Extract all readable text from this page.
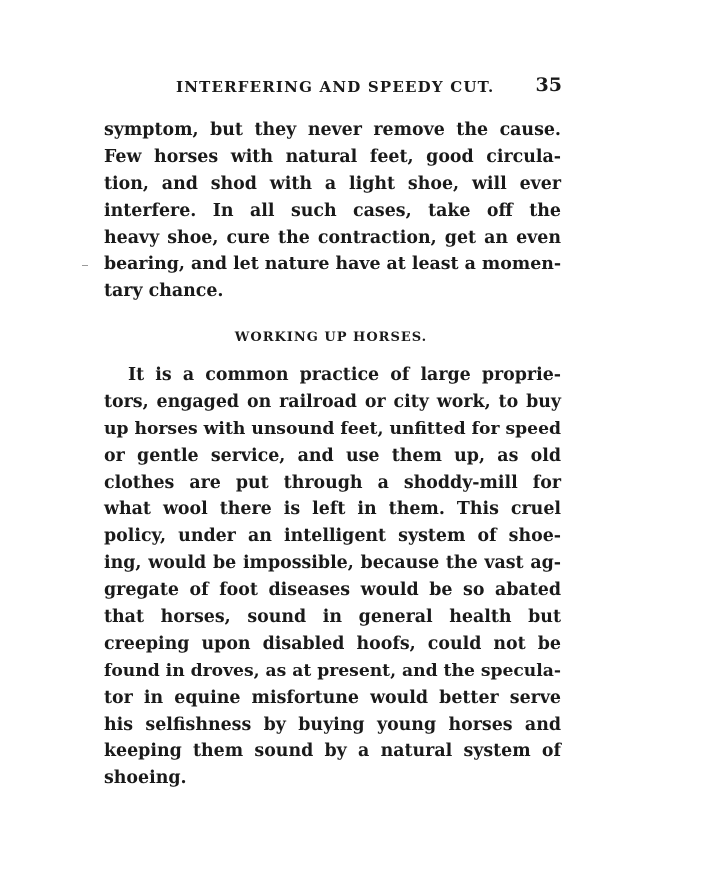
INTERFERING AND SPEEDY CUT. 35
symptom, but they never remove the cause.
Few horses with natural feet, good circula-
tion, and shod with a light shoe, will ever
interfere. In all such cases, take off the
heavy shoe, cure the contraction, get an even
bearing, and let nature have at least a momen-
tary chance.
WORKING UP HORSES.
It is a common practice of large proprie-
tors, engaged on railroad or city work, to buy
up horses with unsound feet, unfitted for speed
or gentle service, and use them up, as old
clothes are put through a shoddy-mill for
what wool there is left in them. This cruel
policy, under an intelligent system of shoe-
ing, would be impossible, because the vast ag-
gregate of foot diseases would be so abated
that horses, sound in general health but
creeping upon disabled hoofs, could not be
found in droves, as at present, and the specula-
tor in equine misfortune would better serve
his selfishness by buying young horses and
keeping them sound by a natural system of
shoeing.
